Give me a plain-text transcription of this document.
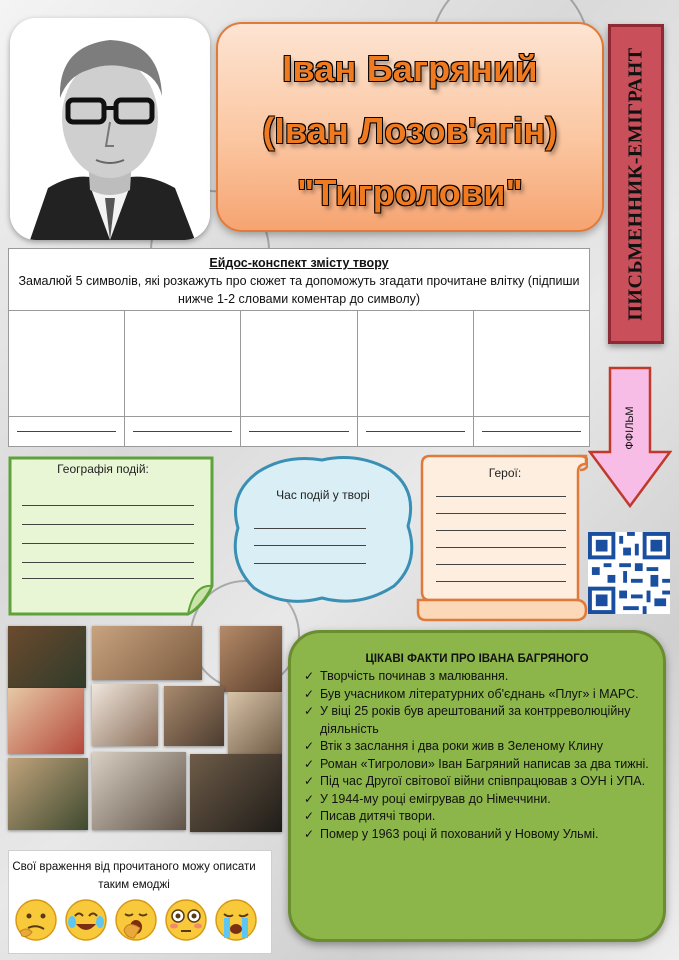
Іван Багряний
(Іван Лозов'ягін)
"Тигролови"	ПИСЬМЕННИК-ЕМІГРАНТ
ФФІЛЬМ
Ейдос-конспект змісту твору
Замалюй 5 символів, які розкажуть про сюжет та допоможуть згадати прочитане влітку (підпиши нижче 1-2 словами коментар до символу)
Географія подій:
Час подій у творі
Герої:
Свої враження від прочитаного можу описати таким емоджі
ЦІКАВІ ФАКТИ ПРО ІВАНА БАГРЯНОГО
✓ Творчість починав з малювання.
✓ Був учасником літературних об'єднань «Плуг» і МАРС.
✓ У віці 25 років був арештований за контрреволюційну діяльність
✓ Втік з заслання і два роки жив в Зеленому Клину
✓ Роман «Тигролови» Іван Багряний написав за два тижні.
✓ Під час Другої світової війни співпрацював з ОУН і УПА.
✓ У 1944-му році емігрував до Німеччини.
✓ Писав дитячі твори.
✓ Помер у 1963 році й похований у Новому Ульмі.
